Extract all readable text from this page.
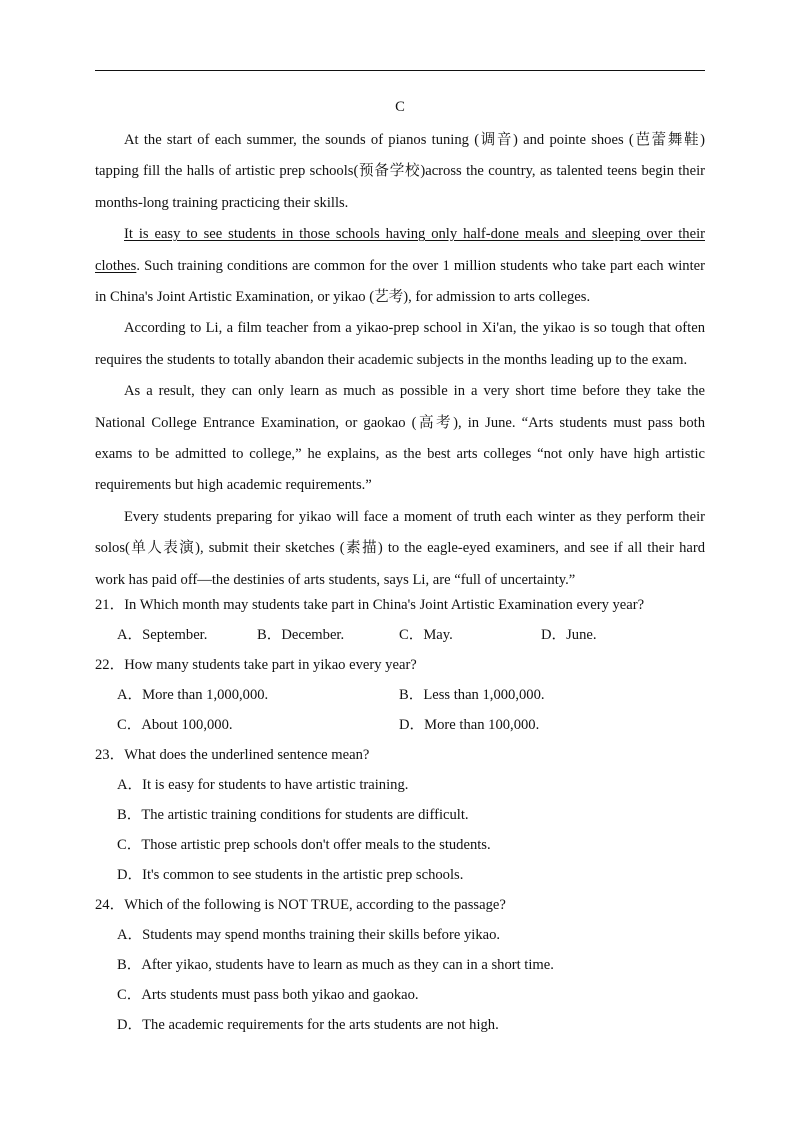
C

At the start of each summer, the sounds of pianos tuning (调音) and pointe shoes (芭蕾舞鞋) tapping fill the halls of artistic prep schools(预备学校)across the country, as talented teens begin their months-long training practicing their skills.

It is easy to see students in those schools having only half-done meals and sleeping over their clothes. Such training conditions are common for the over 1 million students who take part each winter in China's Joint Artistic Examination, or yikao (艺考), for admission to arts colleges.

According to Li, a film teacher from a yikao-prep school in Xi'an, the yikao is so tough that often requires the students to totally abandon their academic subjects in the months leading up to the exam.

As a result, they can only learn as much as possible in a very short time before they take the National College Entrance Examination, or gaokao (高考), in June. “Arts students must pass both exams to be admitted to college,” he explains, as the best arts colleges “not only have high artistic requirements but high academic requirements.”

Every students preparing for yikao will face a moment of truth each winter as they perform their solos(单人表演), submit their sketches (素描) to the eagle-eyed examiners, and see if all their hard work has paid off—the destinies of arts students, says Li, are “full of uncertainty.”

21．In Which month may students take part in China's Joint Artistic Examination every year?
A．September.	B．December.	C．May.	D．June.
22．How many students take part in yikao every year?
A．More than 1,000,000.	B．Less than 1,000,000.
C．About 100,000.	D．More than 100,000.
23．What does the underlined sentence mean?
A．It is easy for students to have artistic training.
B．The artistic training conditions for students are difficult.
C．Those artistic prep schools don't offer meals to the students.
D．It's common to see students in the artistic prep schools.
24．Which of the following is NOT TRUE, according to the passage?
A．Students may spend months training their skills before yikao.
B．After yikao, students have to learn as much as they can in a short time.
C．Arts students must pass both yikao and gaokao.
D．The academic requirements for the arts students are not high.
